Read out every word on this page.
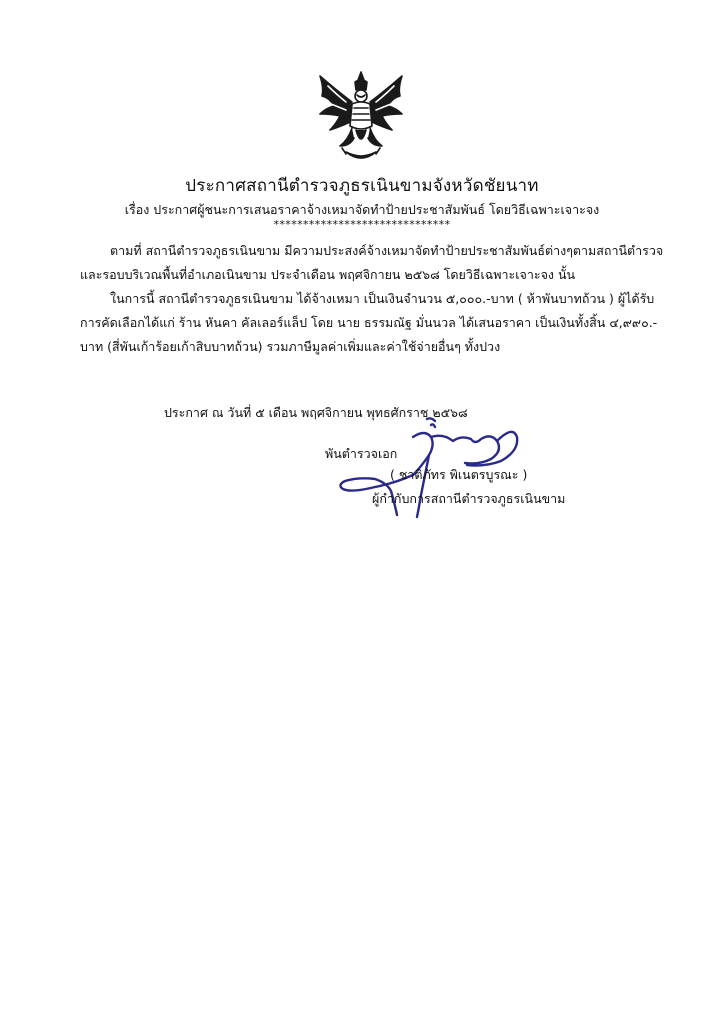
ประกาศสถานีตำรวจภูธรเนินขามจังหวัดชัยนาท
เรื่อง ประกาศผู้ชนะการเสนอราคาจ้างเหมาจัดทำป้ายประชาสัมพันธ์ โดยวิธีเฉพาะเจาะจง
******************************
ตามที่ สถานีตำรวจภูธรเนินขาม มีความประสงค์จ้างเหมาจัดทำป้ายประชาสัมพันธ์ต่างๆตามสถานีตำรวจ
และรอบบริเวณพื้นที่อำเภอเนินขาม ประจำเดือน พฤศจิกายน ๒๕๖๘ โดยวิธีเฉพาะเจาะจง นั้น
ในการนี้ สถานีตำรวจภูธรเนินขาม ได้จ้างเหมา เป็นเงินจำนวน ๕,๐๐๐.-บาท ( ห้าพันบาทถ้วน ) ผู้ได้รับ
การคัดเลือกได้แก่ ร้าน หันคา คัลเลอร์แล็ป โดย นาย ธรรมณัฐ มั่นนวล ได้เสนอราคา เป็นเงินทั้งสิ้น ๔,๙๙๐.-
บาท (สี่พันเก้าร้อยเก้าสิบบาทถ้วน) รวมภาษีมูลค่าเพิ่มและค่าใช้จ่ายอื่นๆ ทั้งปวง
ประกาศ ณ วันที่ ๕ เดือน พฤศจิกายน พุทธศักราช ๒๕๖๘
พันตำรวจเอก
( ชาติภัทร พิเนตรบูรณะ )
ผู้กำกับการสถานีตำรวจภูธรเนินขาม
